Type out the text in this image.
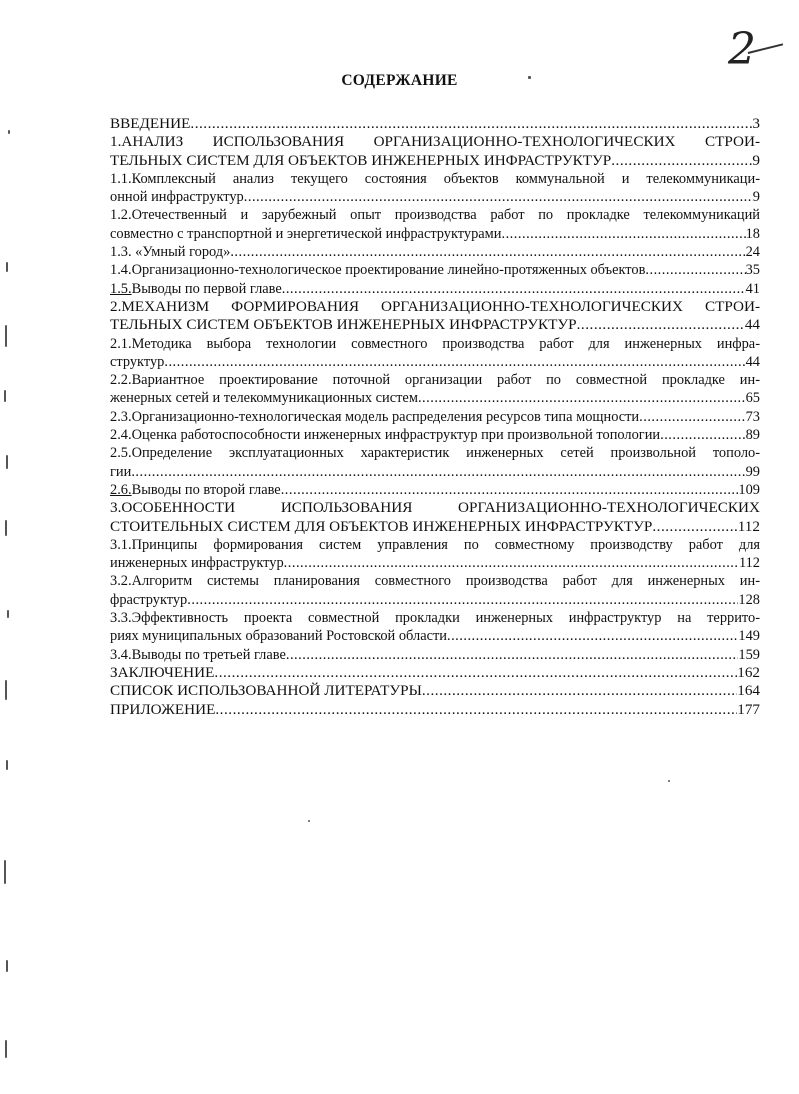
2
СОДЕРЖАНИЕ
ВВЕДЕНИЕ .....	3
1.АНАЛИЗ ИСПОЛЬЗОВАНИЯ ОРГАНИЗАЦИОННО-ТЕХНОЛОГИЧЕСКИХ СТРОИ-
ТЕЛЬНЫХ СИСТЕМ ДЛЯ ОБЪЕКТОВ ИНЖЕНЕРНЫХ ИНФРАСТРУКТУР .....	9
1.1.Комплексный анализ текущего состояния объектов коммунальной и телекоммуникаци-
онной инфраструктур .....	9
1.2.Отечественный и зарубежный опыт производства работ по прокладке телекоммуникаций
совместно с транспортной и энергетической инфраструктурами .....	18
1.3. «Умный город» .....	24
1.4.Организационно-технологическое проектирование линейно-протяженных объектов .....	35
1.5. Выводы по первой главе .....	41
2.МЕХАНИЗМ ФОРМИРОВАНИЯ ОРГАНИЗАЦИОННО-ТЕХНОЛОГИЧЕСКИХ СТРОИ-
ТЕЛЬНЫХ СИСТЕМ ОБЪЕКТОВ ИНЖЕНЕРНЫХ ИНФРАСТРУКТУР .....	44
2.1.Методика выбора технологии совместного производства работ для инженерных инфра-
структур .....	44
2.2.Вариантное проектирование поточной организации работ по совместной прокладке ин-
женерных сетей и телекоммуникационных систем .....	65
2.3.Организационно-технологическая модель распределения ресурсов типа мощности .....	73
2.4.Оценка работоспособности инженерных инфраструктур при произвольной топологии .....	89
2.5.Определение эксплуатационных характеристик инженерных сетей произвольной тополо-
гии .....	99
2.6. Выводы по второй главе .....	109
3.ОСОБЕННОСТИ ИСПОЛЬЗОВАНИЯ ОРГАНИЗАЦИОННО-ТЕХНОЛОГИЧЕСКИХ
СТОИТЕЛЬНЫХ СИСТЕМ ДЛЯ ОБЪЕКТОВ ИНЖЕНЕРНЫХ ИНФРАСТРУКТУР .....	112
3.1.Принципы формирования систем управления по совместному производству работ для
инженерных инфраструктур .....	112
3.2.Алгоритм системы планирования совместного производства работ для инженерных ин-
фраструктур .....	128
3.3.Эффективность проекта совместной прокладки инженерных инфраструктур на террито-
риях муниципальных образований Ростовской области .....	149
3.4.Выводы по третьей главе .....	159
ЗАКЛЮЧЕНИЕ .....	162
СПИСОК ИСПОЛЬЗОВАННОЙ ЛИТЕРАТУРЫ .....	164
ПРИЛОЖЕНИЕ .....	177
